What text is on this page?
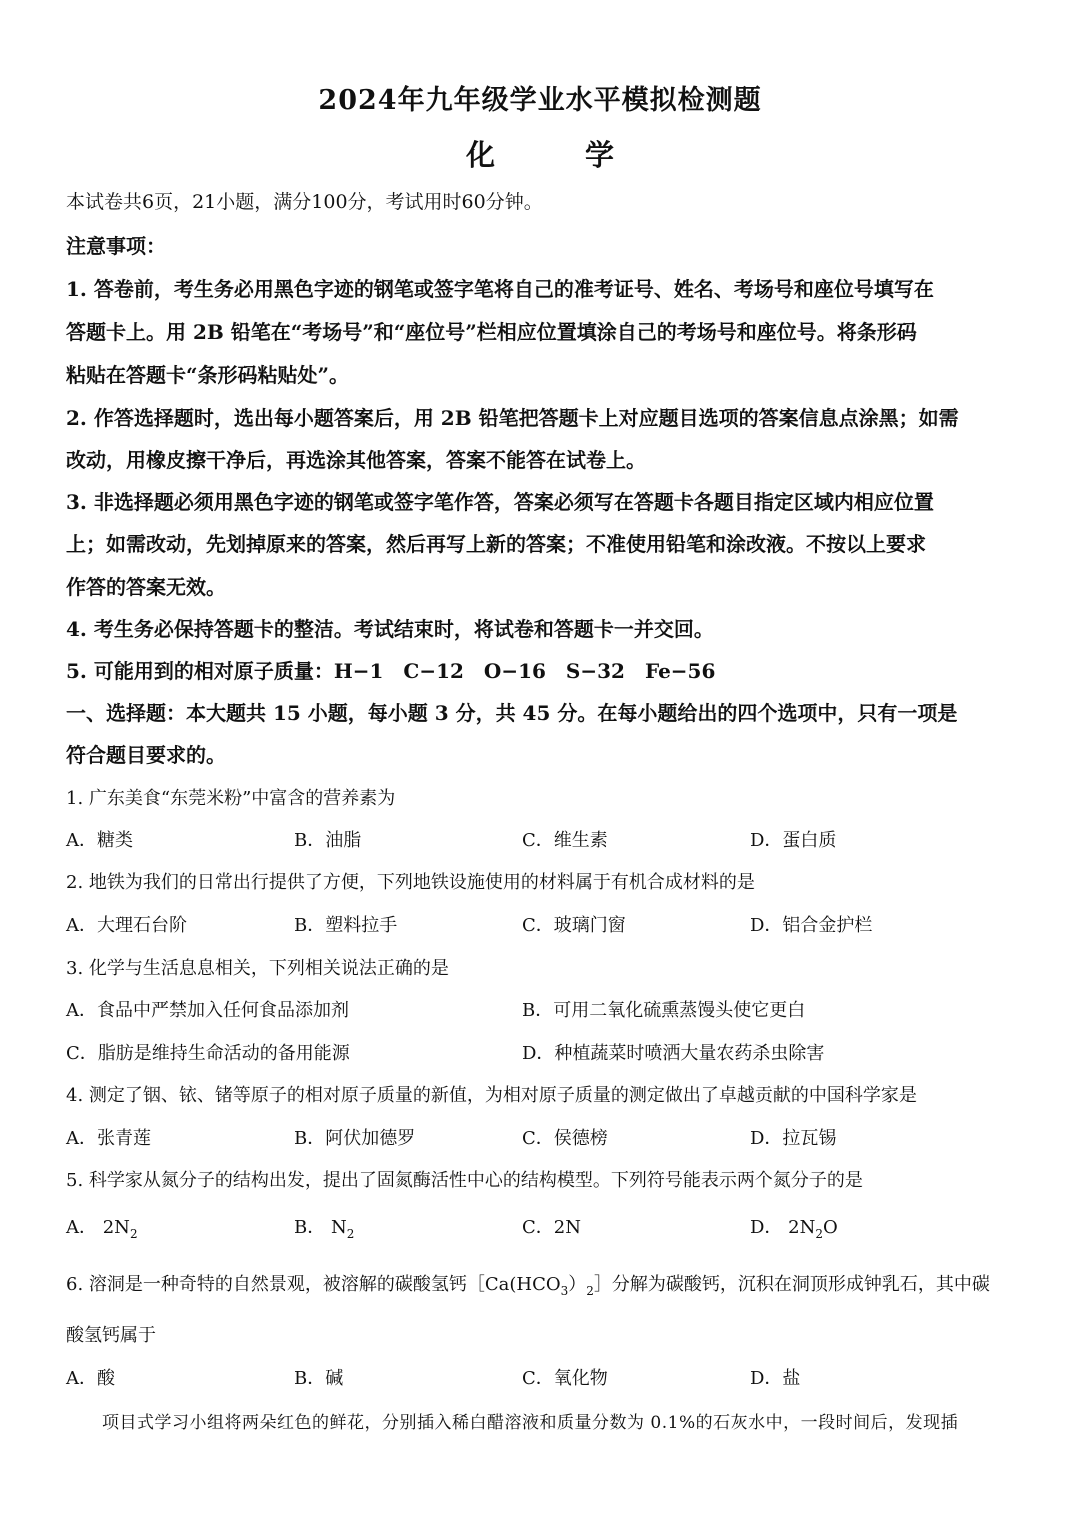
2024年九年级学业水平模拟检测题
化 学
本试卷共6页，21小题，满分100分，考试用时60分钟。
注意事项：
1. 答卷前，考生务必用黑色字迹的钢笔或签字笔将自己的准考证号、姓名、考场号和座位号填写在
答题卡上。用 2B 铅笔在“考场号”和“座位号”栏相应位置填涂自己的考场号和座位号。将条形码
粘贴在答题卡“条形码粘贴处”。
2. 作答选择题时，选出每小题答案后，用 2B 铅笔把答题卡上对应题目选项的答案信息点涂黑；如需
改动，用橡皮擦干净后，再选涂其他答案，答案不能答在试卷上。
3. 非选择题必须用黑色字迹的钢笔或签字笔作答，答案必须写在答题卡各题目指定区域内相应位置
上；如需改动，先划掉原来的答案，然后再写上新的答案；不准使用铅笔和涂改液。不按以上要求
作答的答案无效。
4. 考生务必保持答题卡的整洁。考试结束时，将试卷和答题卡一并交回。
5. 可能用到的相对原子质量：H−1　C−12　O−16　S−32　Fe−56
一、选择题：本大题共 15 小题，每小题 3 分，共 45 分。在每小题给出的四个选项中，只有一项是
符合题目要求的。
1. 广东美食“东莞米粉”中富含的营养素为
A．糖类	B．油脂	C．维生素	D．蛋白质
2. 地铁为我们的日常出行提供了方便，下列地铁设施使用的材料属于有机合成材料的是
A．大理石台阶	B．塑料拉手	C．玻璃门窗	D．铝合金护栏
3. 化学与生活息息相关，下列相关说法正确的是
A．食品中严禁加入任何食品添加剂	B．可用二氧化硫熏蒸馒头使它更白
C．脂肪是维持生命活动的备用能源	D．种植蔬菜时喷洒大量农药杀虫除害
4. 测定了铟、铱、锗等原子的相对原子质量的新值，为相对原子质量的测定做出了卓越贡献的中国科学家是
A．张青莲	B．阿伏加德罗	C．侯德榜	D．拉瓦锡
5. 科学家从氮分子的结构出发，提出了固氮酶活性中心的结构模型。下列符号能表示两个氮分子的是
A． $2N_2$	B． $N_2$	C．2N	D． $2N_2O$
6. 溶洞是一种奇特的自然景观，被溶解的碳酸氢钙$[Ca(HCO_3)_2]$分解为碳酸钙，沉积在洞顶形成钟乳石，其中碳
酸氢钙属于
A．酸	B．碱	C．氧化物	D．盐
项目式学习小组将两朵红色的鲜花，分别插入稀白醋溶液和质量分数为 0.1%的石灰水中，一段时间后，发现插
